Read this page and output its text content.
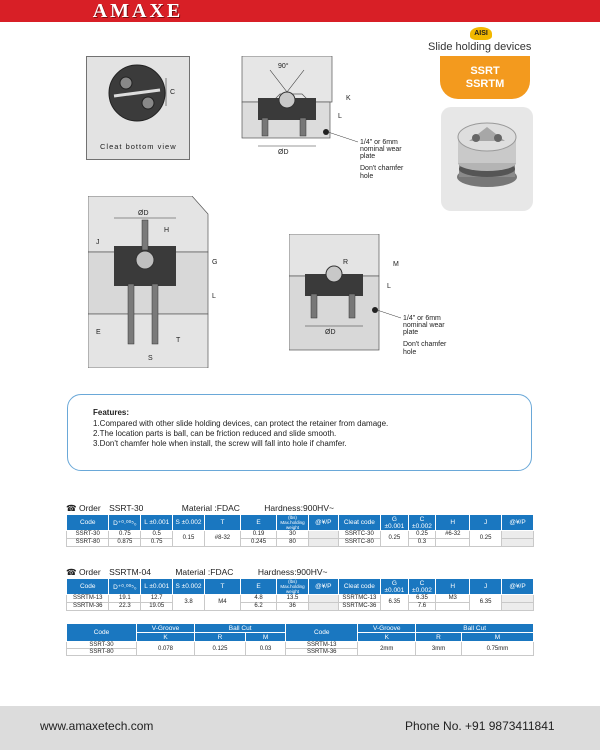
AMAXE
AISI
Slide holding devices
SSRT
SSRTM
C
Cleat bottom view
90°
ØD
K
L
1/4" or 6mm
nominal wear
plate
Don't chamfer
hole
ØD
H
J
G
L
E
T
S
R	M
L
ØD
1/4" or 6mm
nominal wear
plate
Don't chamfer
hole
Features:
1.Compared with other slide holding devices, can protect the retainer from damage.
2.The location parts is ball, can be friction reduced and slide smooth.
3.Don't chamfer hole when install, the screw will fall into hole if chamfer.
☎ Order SSRT-30	Material :FDAC	Hardness:900HV~
Code	D⁺⁰·⁰⁰⁵₀	L ±0.001	S ±0.002	T	E	(lbs) Max.holding weight	@¥/P	Cleat code	G ±0.001	C ±0.002	H	J	@¥/P
SSRT-30	0.75	0.5	0.15	#8-32	0.19	30		SSRTC-30	0.25	0.25	#6-32	0.25	
SSRT-80	0.875	0.75			0.245	80		SSRTC-80		0.3			
☎ Order SSRTM-04	Material :FDAC	Hardness:900HV~
Code	D⁺⁰·⁰⁰⁵₀	L ±0.001	S ±0.002	T	E	(lbs) Max.holding weight	@¥/P	Cleat code	G ±0.001	C ±0.002	H	J	@¥/P
SSRTM-13	19.1	12.7	3.8	M4	4.8	13.5		SSRTMC-13	6.35	6.35	M3	6.35	
SSRTM-36	22.3	19.05			6.2	36		SSRTMC-36		7.6			
Code	V-Groove	Ball Cut		Code	V-Groove	Ball Cut	
	K	R	M		K	R	M
SSRT-30	0.078	0.125	0.03	SSRTM-13	2mm	3mm	0.75mm
SSRT-80				SSRTM-36			
www.amaxetech.com	Phone No. +91 9873411841
